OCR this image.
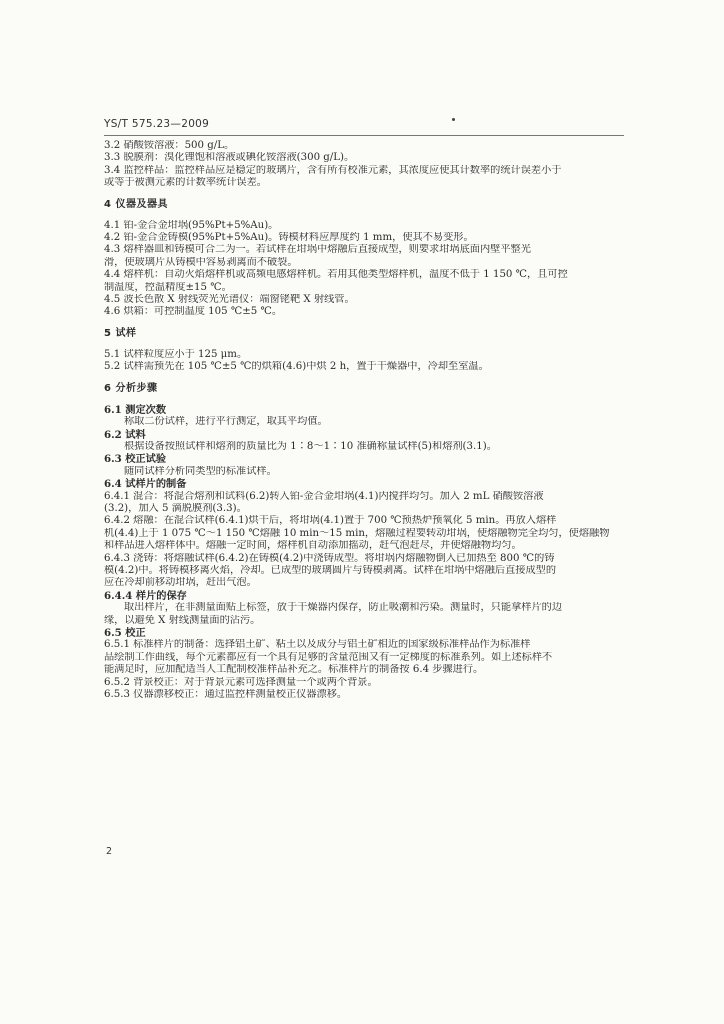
YS/T 575.23—2009
3.2 硝酸铵溶液：500 g/L。
3.3 脱膜剂：溴化锂饱和溶液或碘化铵溶液(300 g/L)。
3.4 监控样品：监控样品应是稳定的玻璃片，含有所有校准元素，其浓度应使其计数率的统计误差小于
或等于被测元素的计数率统计误差。
4 仪器及器具
4.1 铂-金合金坩埚(95%Pt+5%Au)。
4.2 铂-金合金铸模(95%Pt+5%Au)。铸模材料应厚度约 1 mm，使其不易变形。
4.3 熔样器皿和铸模可合二为一。若试样在坩埚中熔融后直接成型，则要求坩埚底面内壁平整光
滑，使玻璃片从铸模中容易剥离而不破裂。
4.4 熔样机：自动火焰熔样机或高频电感熔样机。若用其他类型熔样机，温度不低于 1 150 ℃，且可控
制温度，控温精度±15 ℃。
4.5 波长色散 X 射线荧光光谱仪：端窗铑靶 X 射线管。
4.6 烘箱：可控制温度 105 ℃±5 ℃。
5 试样
5.1 试样粒度应小于 125 μm。
5.2 试样需预先在 105 ℃±5 ℃的烘箱(4.6)中烘 2 h，置于干燥器中，冷却至室温。
6 分析步骤
6.1 测定次数
称取二份试样，进行平行测定，取其平均值。
6.2 试料
根据设备按照试样和熔剂的质量比为 1∶8～1∶10 准确称量试样(5)和熔剂(3.1)。
6.3 校正试验
随同试样分析同类型的标准试样。
6.4 试样片的制备
6.4.1 混合：将混合熔剂和试料(6.2)转入铂-金合金坩埚(4.1)内搅拌均匀。加入 2 mL 硝酸铵溶液
(3.2)，加入 5 滴脱膜剂(3.3)。
6.4.2 熔融：在混合试样(6.4.1)烘干后，将坩埚(4.1)置于 700 ℃预热炉预氧化 5 min。再放入熔样
机(4.4)上于 1 075 ℃～1 150 ℃熔融 10 min～15 min，熔融过程要转动坩埚，使熔融物完全均匀，使熔融物
和样品进入熔样体中。熔融一定时间，熔样机自动添加摇动，赶气泡赶尽，并使熔融物均匀。
6.4.3 浇铸：将熔融试样(6.4.2)在铸模(4.2)中浇铸成型。将坩埚内熔融物倒入已加热至 800 ℃的铸
模(4.2)中。将铸模移离火焰，冷却。已成型的玻璃圆片与铸模剥离。试样在坩埚中熔融后直接成型的
应在冷却前移动坩埚，赶出气泡。
6.4.4 样片的保存
取出样片，在非测量面贴上标签，放于干燥器内保存，防止吸潮和污染。测量时，只能拿样片的边
缘，以避免 X 射线测量面的沾污。
6.5 校正
6.5.1 标准样片的制备：选择铝土矿、粘土以及成分与铝土矿相近的国家级标准样品作为标准样
品绘制工作曲线，每个元素都应有一个具有足够的含量范围又有一定梯度的标准系列。如上述标样不
能满足时，应加配适当人工配制校准样品补充之。标准样片的制备按 6.4 步骤进行。
6.5.2 背景校正：对于背景元素可选择测量一个或两个背景。
6.5.3 仪器漂移校正：通过监控样测量校正仪器漂移。
2
